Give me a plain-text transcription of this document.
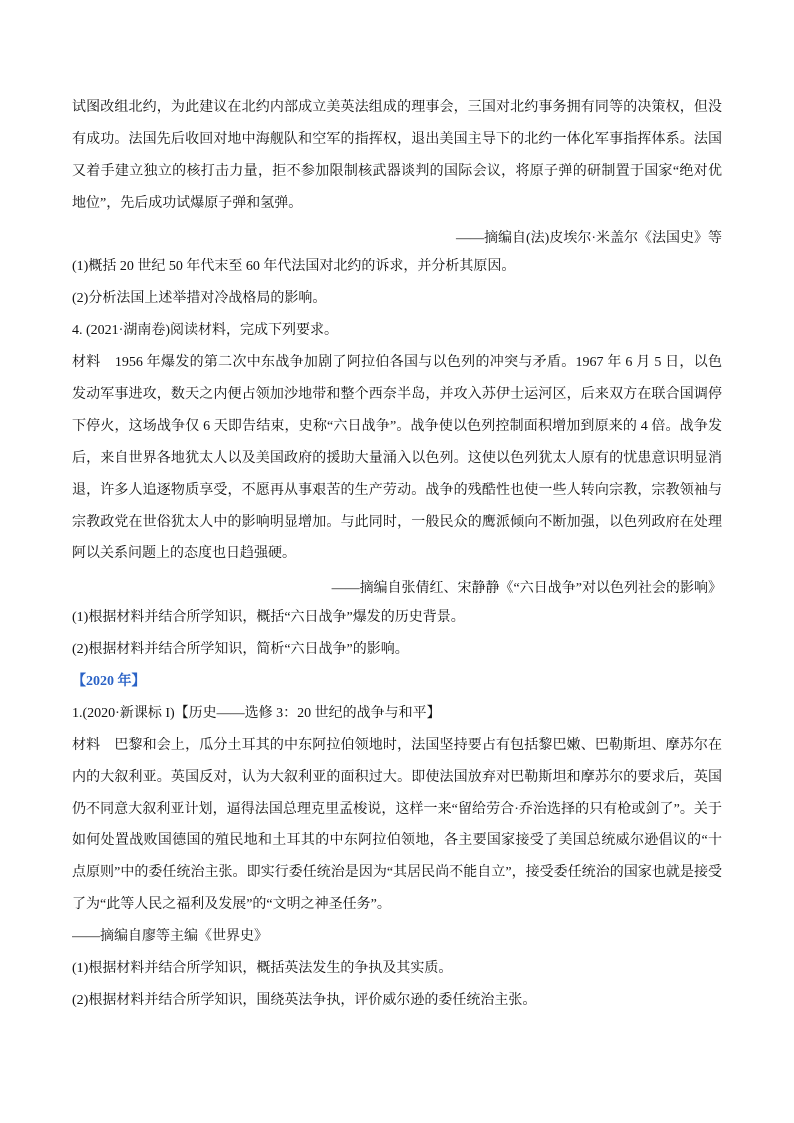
试图改组北约，为此建议在北约内部成立美英法组成的理事会，三国对北约事务拥有同等的决策权，但没
有成功。法国先后收回对地中海舰队和空军的指挥权，退出美国主导下的北约一体化军事指挥体系。法国
又着手建立独立的核打击力量，拒不参加限制核武器谈判的国际会议，将原子弹的研制置于国家“绝对优
地位”，先后成功试爆原子弹和氢弹。
——摘编自(法)皮埃尔·米盖尔《法国史》等
(1)概括 20 世纪 50 年代末至 60 年代法国对北约的诉求，并分析其原因。
(2)分析法国上述举措对冷战格局的影响。
4. (2021·湖南卷)阅读材料，完成下列要求。
材料　1956 年爆发的第二次中东战争加剧了阿拉伯各国与以色列的冲突与矛盾。1967 年 6 月 5 日，以色
发动军事进攻，数天之内便占领加沙地带和整个西奈半岛，并攻入苏伊士运河区，后来双方在联合国调停
下停火，这场战争仅 6 天即告结束，史称“六日战争”。战争使以色列控制面积增加到原来的 4 倍。战争发
后，来自世界各地犹太人以及美国政府的援助大量涌入以色列。这使以色列犹太人原有的忧患意识明显消
退，许多人追逐物质享受，不愿再从事艰苦的生产劳动。战争的残酷性也使一些人转向宗教，宗教领袖与
宗教政党在世俗犹太人中的影响明显增加。与此同时，一般民众的鹰派倾向不断加强，以色列政府在处理
阿以关系问题上的态度也日趋强硬。
——摘编自张倩红、宋静静《“六日战争”对以色列社会的影响》
(1)根据材料并结合所学知识，概括“六日战争”爆发的历史背景。
(2)根据材料并结合所学知识，简析“六日战争”的影响。
【2020 年】
1.(2020·新课标 I)【历史——选修 3：20 世纪的战争与和平】
材料　巴黎和会上，瓜分土耳其的中东阿拉伯领地时，法国坚持要占有包括黎巴嫩、巴勒斯坦、摩苏尔在
内的大叙利亚。英国反对，认为大叙利亚的面积过大。即使法国放弃对巴勒斯坦和摩苏尔的要求后，英国
仍不同意大叙利亚计划，逼得法国总理克里孟梭说，这样一来“留给劳合·乔治选择的只有枪或剑了”。关于
如何处置战败国德国的殖民地和土耳其的中东阿拉伯领地，各主要国家接受了美国总统威尔逊倡议的“十
点原则”中的委任统治主张。即实行委任统治是因为“其居民尚不能自立”，接受委任统治的国家也就是接受
了为“此等人民之福利及发展”的“文明之神圣任务”。
——摘编自廖等主编《世界史》
(1)根据材料并结合所学知识，概括英法发生的争执及其实质。
(2)根据材料并结合所学知识，围绕英法争执，评价威尔逊的委任统治主张。
